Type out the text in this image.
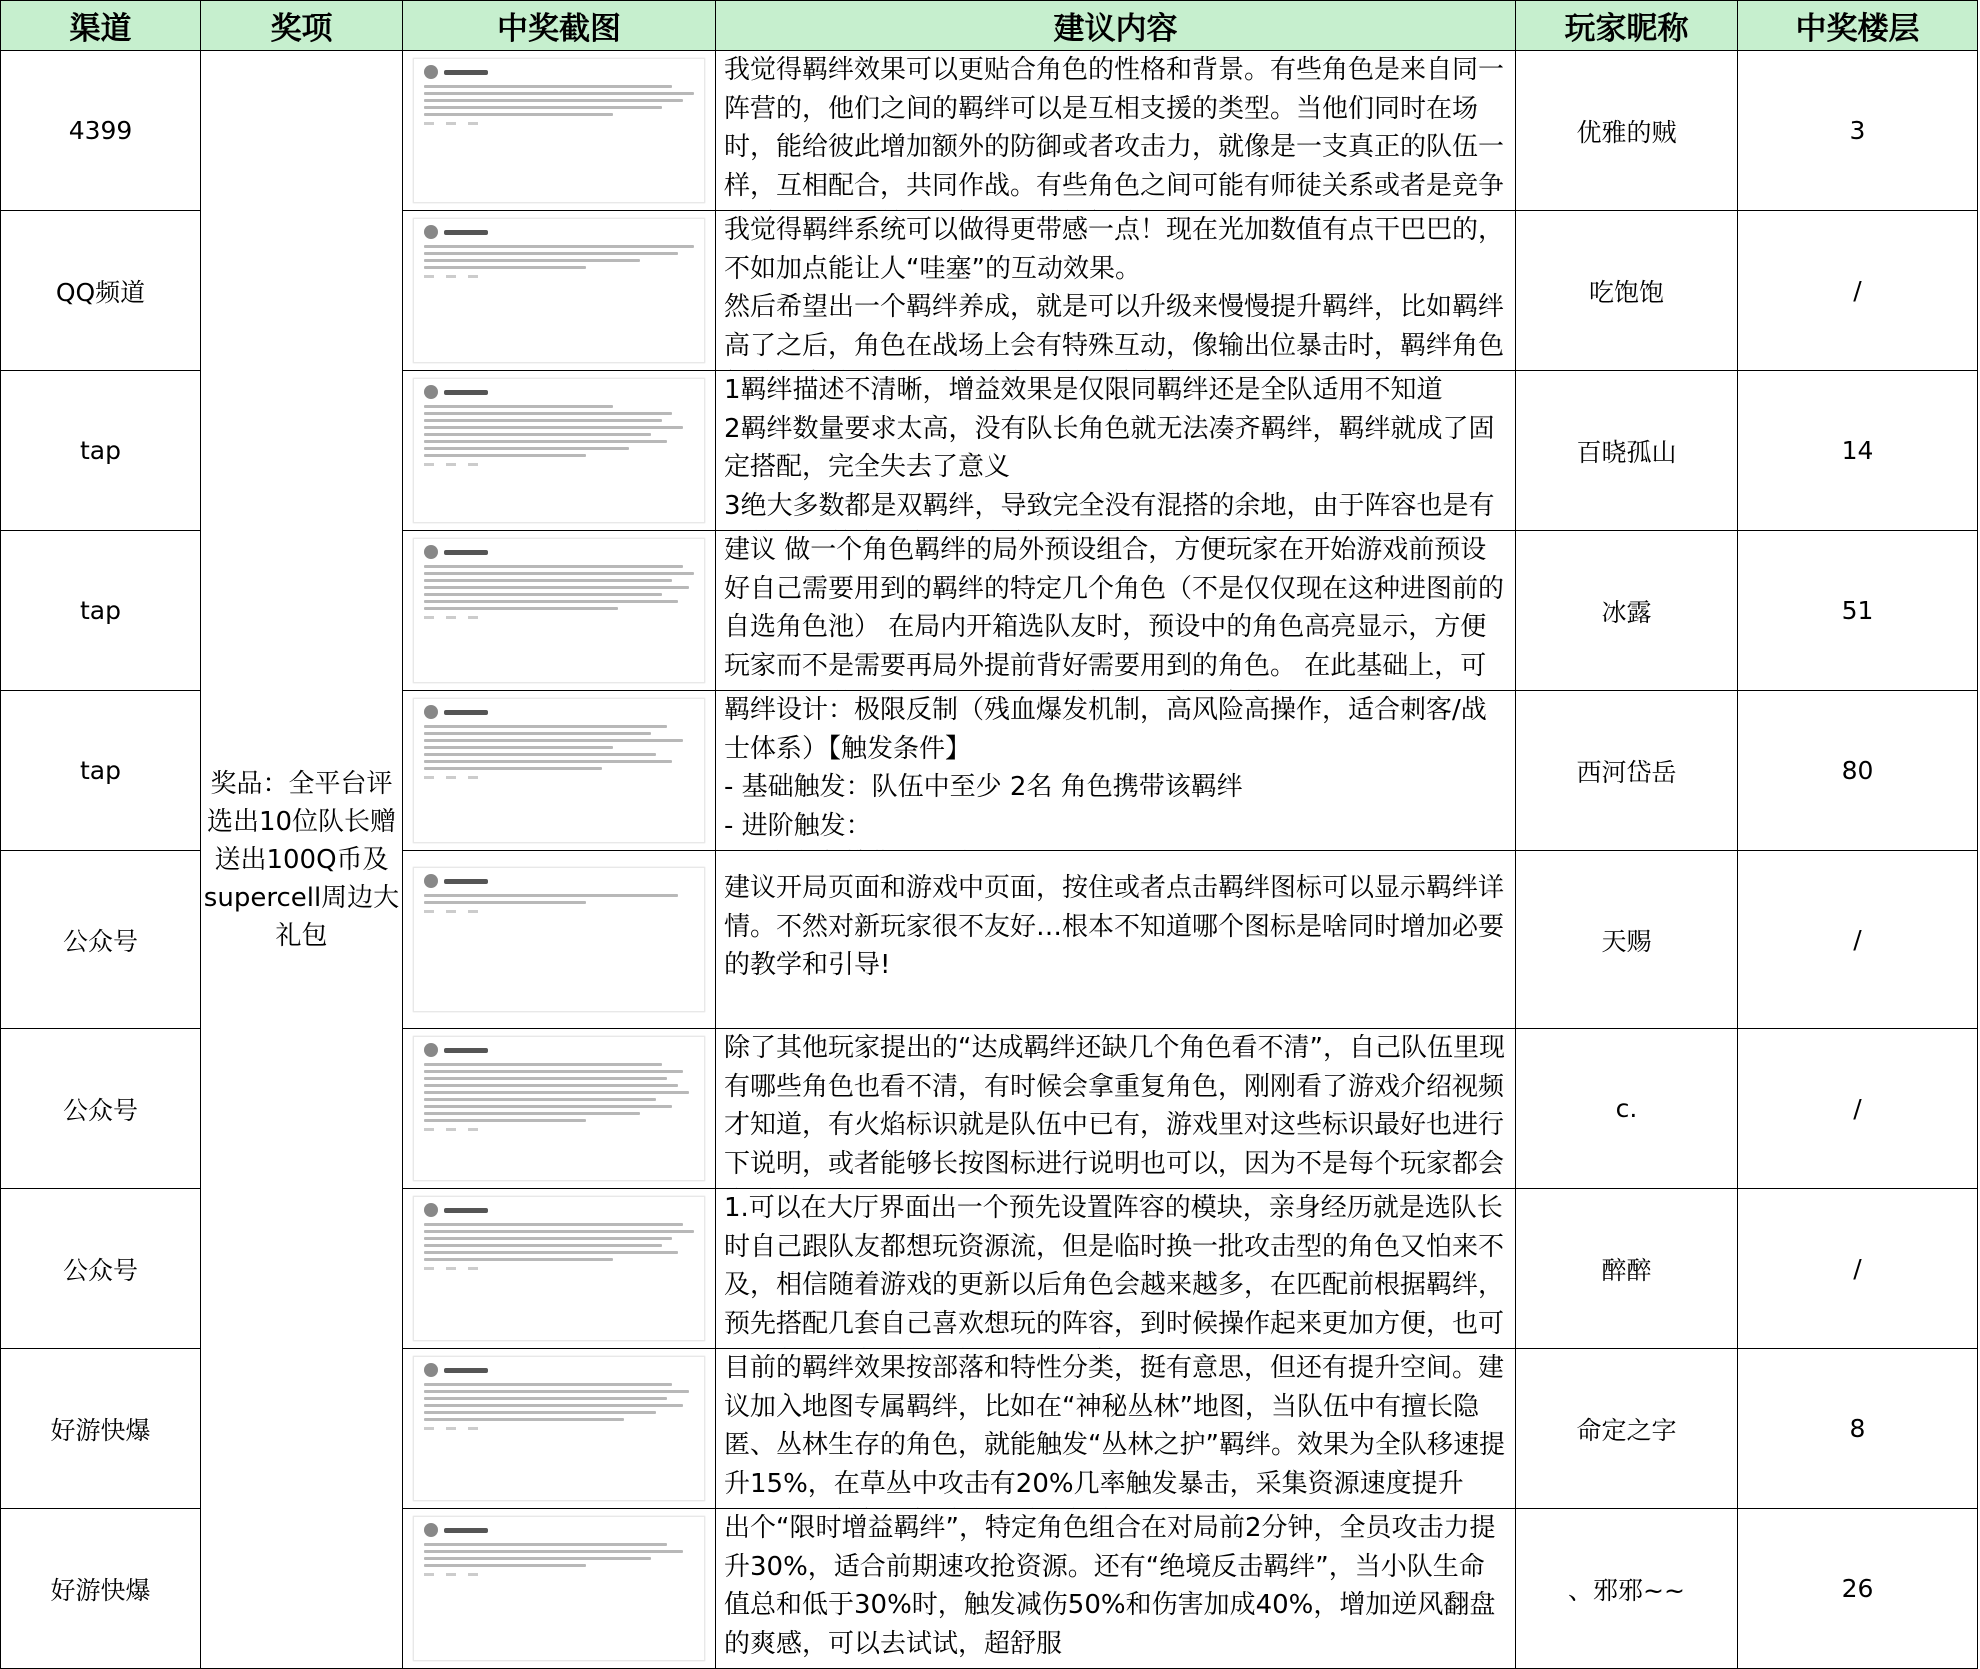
渠道	奖项	中奖截图	建议内容	玩家昵称	中奖楼层
4399	奖品：全平台评选出10位队长赠送出100Q币及supercell周边大礼包		我觉得羁绊效果可以更贴合角色的性格和背景。有些角色是来自同一阵营的，他们之间的羁绊可以是互相支援的类型。当他们同时在场时，能给彼此增加额外的防御或者攻击力，就像是一支真正的队伍一样，互相配合，共同作战。有些角色之间可能有师徒关系或者是竞争	优雅的贼	3
QQ频道			我觉得羁绊系统可以做得更带感一点！现在光加数值有点干巴巴的，不如加点能让人“哇塞”的互动效果。
然后希望出一个羁绊养成，就是可以升级来慢慢提升羁绊，比如羁绊高了之后，角色在战场上会有特殊互动，像输出位暴击时，羁绊角色	吃饱饱	/
tap			1羁绊描述不清晰，增益效果是仅限同羁绊还是全队适用不知道
2羁绊数量要求太高，没有队长角色就无法凑齐羁绊，羁绊就成了固定搭配，完全失去了意义
3绝大多数都是双羁绊，导致完全没有混搭的余地，由于阵容也是有	百晓孤山	14
tap			建议 做一个角色羁绊的局外预设组合，方便玩家在开始游戏前预设好自己需要用到的羁绊的特定几个角色（不是仅仅现在这种进图前的自选角色池） 在局内开箱选队友时，预设中的角色高亮显示，方便玩家而不是需要再局外提前背好需要用到的角色。 在此基础上，可	冰露	51
tap			羁绊设计：极限反制（残血爆发机制，高风险高操作，适合刺客/战士体系）【触发条件】
- 基础触发：队伍中至少 2名 角色携带该羁绊
- 进阶触发：	西河岱岳	80
公众号			建议开局页面和游戏中页面，按住或者点击羁绊图标可以显示羁绊详情。不然对新玩家很不友好…根本不知道哪个图标是啥同时增加必要的教学和引导!	天赐	/
公众号			除了其他玩家提出的“达成羁绊还缺几个角色看不清”，自己队伍里现有哪些角色也看不清，有时候会拿重复角色，刚刚看了游戏介绍视频才知道，有火焰标识就是队伍中已有，游戏里对这些标识最好也进行下说明，或者能够长按图标进行说明也可以，因为不是每个玩家都会	c.	/
公众号			1.可以在大厅界面出一个预先设置阵容的模块，亲身经历就是选队长时自己跟队友都想玩资源流，但是临时换一批攻击型的角色又怕来不及，相信随着游戏的更新以后角色会越来越多，在匹配前根据羁绊，预先搭配几套自己喜欢想玩的阵容，到时候操作起来更加方便，也可	醉醉	/
好游快爆			目前的羁绊效果按部落和特性分类，挺有意思，但还有提升空间。建议加入地图专属羁绊，比如在“神秘丛林”地图，当队伍中有擅长隐匿、丛林生存的角色，就能触发“丛林之护”羁绊。效果为全队移速提升15%，在草丛中攻击有20%几率触发暴击，采集资源速度提升	命定之字	8
好游快爆			出个“限时增益羁绊”，特定角色组合在对局前2分钟，全员攻击力提升30%，适合前期速攻抢资源。还有“绝境反击羁绊”，当小队生命值总和低于30%时，触发减伤50%和伤害加成40%，增加逆风翻盘的爽感，可以去试试，超舒服	、邪邪~~	26
